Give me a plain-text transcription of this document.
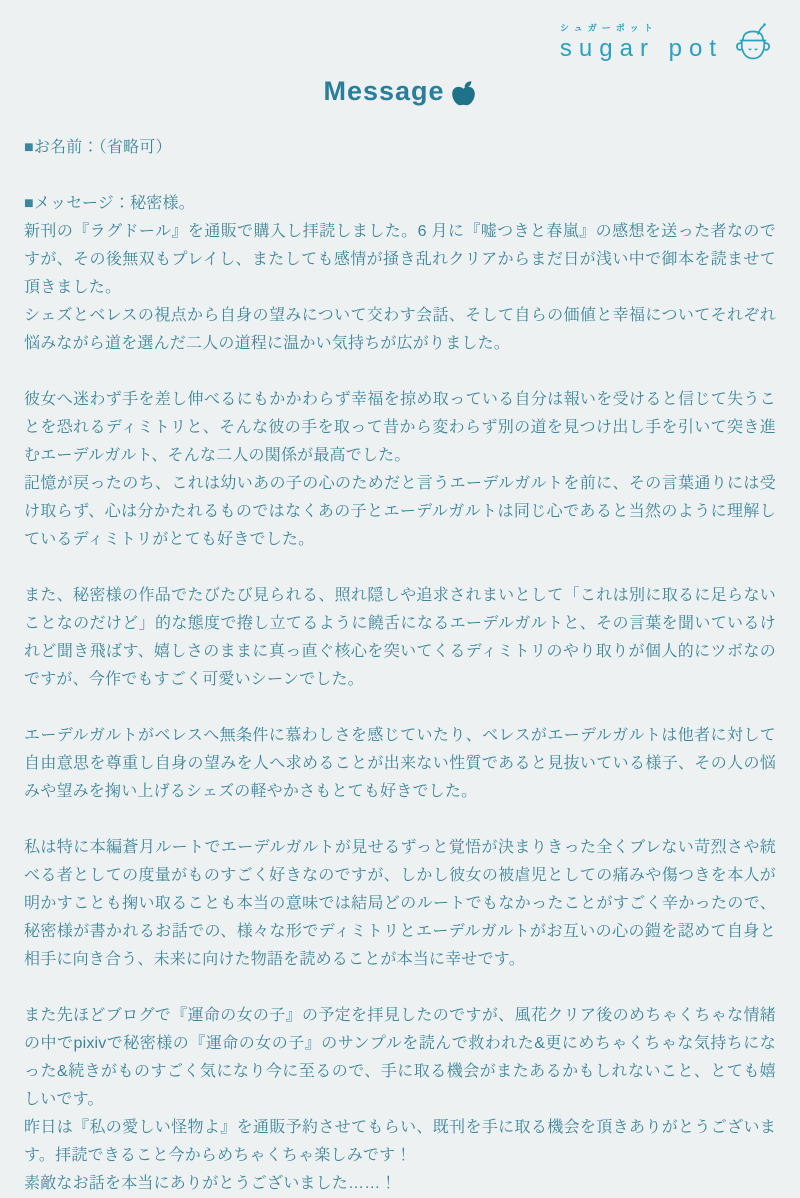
シュガーポット
sugar pot
Message

■お名前：（省略可）

■メッセージ：秘密様。

新刊の『ラグドール』を通販で購入し拝読しました。6 月に『嘘つきと春嵐』の感想を送った者なのですが、その後無双もプレイし、またしても感情が掻き乱れクリアからまだ日が浅い中で御本を読ませて頂きました。

シェズとベレスの視点から自身の望みについて交わす会話、そして自らの価値と幸福についてそれぞれ悩みながら道を選んだ二人の道程に温かい気持ちが広がりました。

彼女へ迷わず手を差し伸べるにもかかわらず幸福を掠め取っている自分は報いを受けると信じて失うことを恐れるディミトリと、そんな彼の手を取って昔から変わらず別の道を見つけ出し手を引いて突き進むエーデルガルト、そんな二人の関係が最高でした。

記憶が戻ったのち、これは幼いあの子の心のためだと言うエーデルガルトを前に、その言葉通りには受け取らず、心は分かたれるものではなくあの子とエーデルガルトは同じ心であると当然のように理解しているディミトリがとても好きでした。

また、秘密様の作品でたびたび見られる、照れ隠しや追求されまいとして「これは別に取るに足らないことなのだけど」的な態度で捲し立てるように饒舌になるエーデルガルトと、その言葉を聞いているけれど聞き飛ばす、嬉しさのままに真っ直ぐ核心を突いてくるディミトリのやり取りが個人的にツボなのですが、今作でもすごく可愛いシーンでした。

エーデルガルトがベレスへ無条件に慕わしさを感じていたり、ベレスがエーデルガルトは他者に対して自由意思を尊重し自身の望みを人へ求めることが出来ない性質であると見抜いている様子、その人の悩みや望みを掬い上げるシェズの軽やかさもとても好きでした。

私は特に本編蒼月ルートでエーデルガルトが見せるずっと覚悟が決まりきった全くブレない苛烈さや統べる者としての度量がものすごく好きなのですが、しかし彼女の被虐児としての痛みや傷つきを本人が明かすことも掬い取ることも本当の意味では結局どのルートでもなかったことがすごく辛かったので、秘密様が書かれるお話での、様々な形でディミトリとエーデルガルトがお互いの心の鎧を認めて自身と相手に向き合う、未来に向けた物語を読めることが本当に幸せです。

また先ほどブログで『運命の女の子』の予定を拝見したのですが、風花クリア後のめちゃくちゃな情緒の中でpixivで秘密様の『運命の女の子』のサンプルを読んで救われた&更にめちゃくちゃな気持ちになった&続きがものすごく気になり今に至るので、手に取る機会がまたあるかもしれないこと、とても嬉しいです。

昨日は『私の愛しい怪物よ』を通販予約させてもらい、既刊を手に取る機会を頂きありがとうございます。拝読できること今からめちゃくちゃ楽しみです！

素敵なお話を本当にありがとうございました……！
